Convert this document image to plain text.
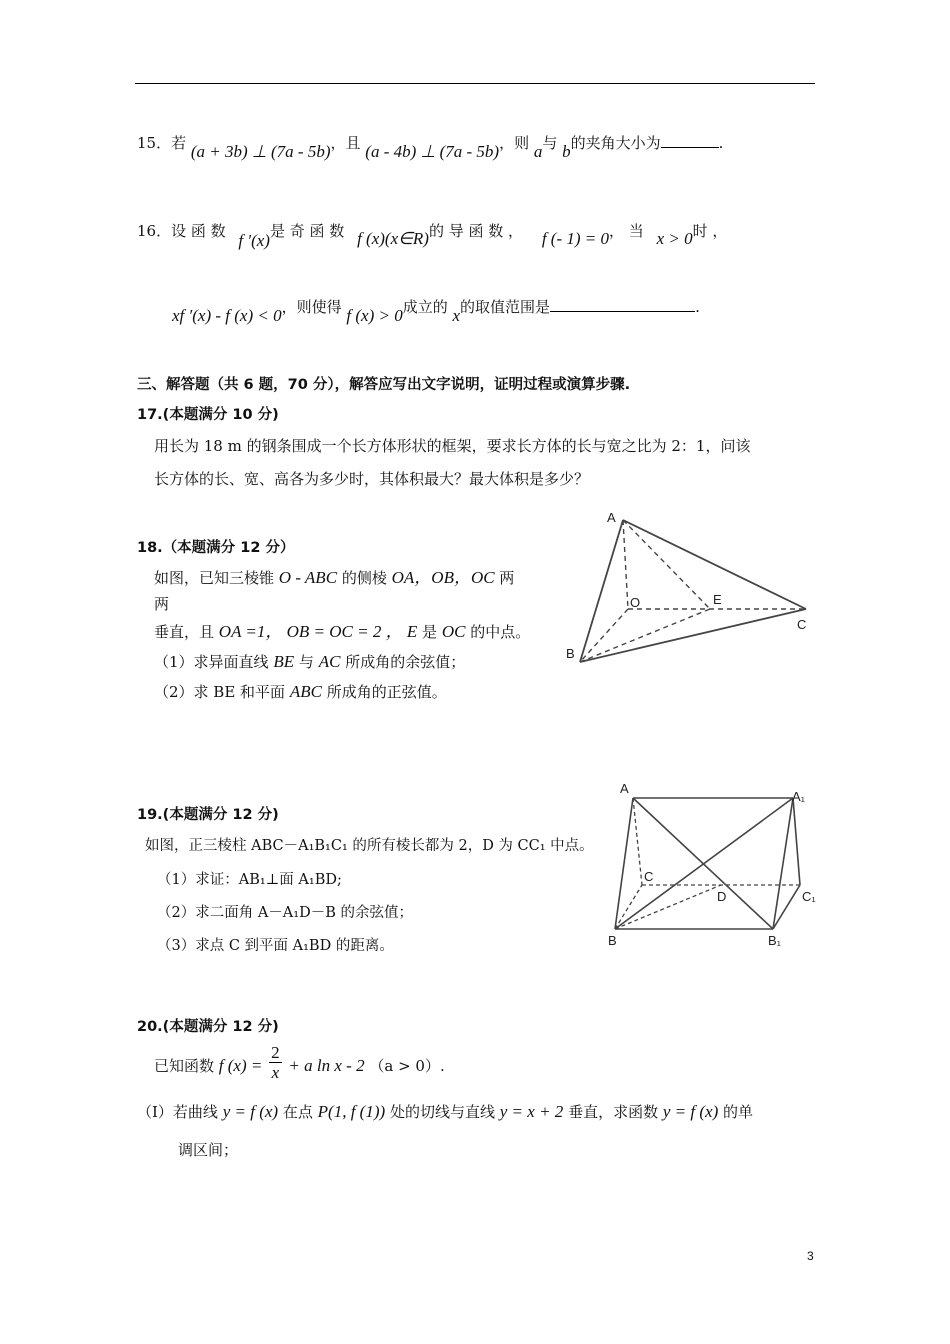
15．若 (a + 3b) ⊥ (7a - 5b)，且 (a - 4b) ⊥ (7a - 5b)，则 a与 b的夹角大小为	.
16．设 函 数 f ′(x)是 奇 函 数 f (x)(x∈R)的 导 函 数 ， f (- 1) = 0， 当 x > 0时 ，
xf ′(x) - f (x) < 0，则使得 f (x) > 0成立的 x的取值范围是	.
三、解答题（共 6 题，70 分），解答应写出文字说明，证明过程或演算步骤.
17.(本题满分 10 分)
用长为 18 m 的钢条围成一个长方体形状的框架，要求长方体的长与宽之比为 2：1，问该
长方体的长、宽、高各为多少时，其体积最大？最大体积是多少？
18.（本题满分 12 分）
如图，已知三棱锥 O - ABC 的侧棱 OA，OB，OC 两
两
垂直，且 OA =1， OB = OC = 2 ， E 是 OC 的中点。
（1）求异面直线 BE 与 AC 所成角的余弦值；
（2）求 BE 和平面 ABC 所成角的正弦值。
A
O	E
C
B
19.(本题满分 12 分)
如图，正三棱柱 ABC－A₁B₁C₁ 的所有棱长都为 2，D 为 CC₁ 中点。
（1）求证：AB₁⊥面 A₁BD;
（2）求二面角 A－A₁D－B 的余弦值；
（3）求点 C 到平面 A₁BD 的距离。
A
A₁
C
D	C₁
B	B₁
20.(本题满分 12 分)
已知函数 f $(x) = \frac{2}{x} + a$ ln x - 2 （a > 0）.
（Ⅰ）若曲线 y = f (x) 在点 P(1, f (1)) 处的切线与直线 y = x + 2 垂直，求函数 y = f (x) 的单
调区间；
3
